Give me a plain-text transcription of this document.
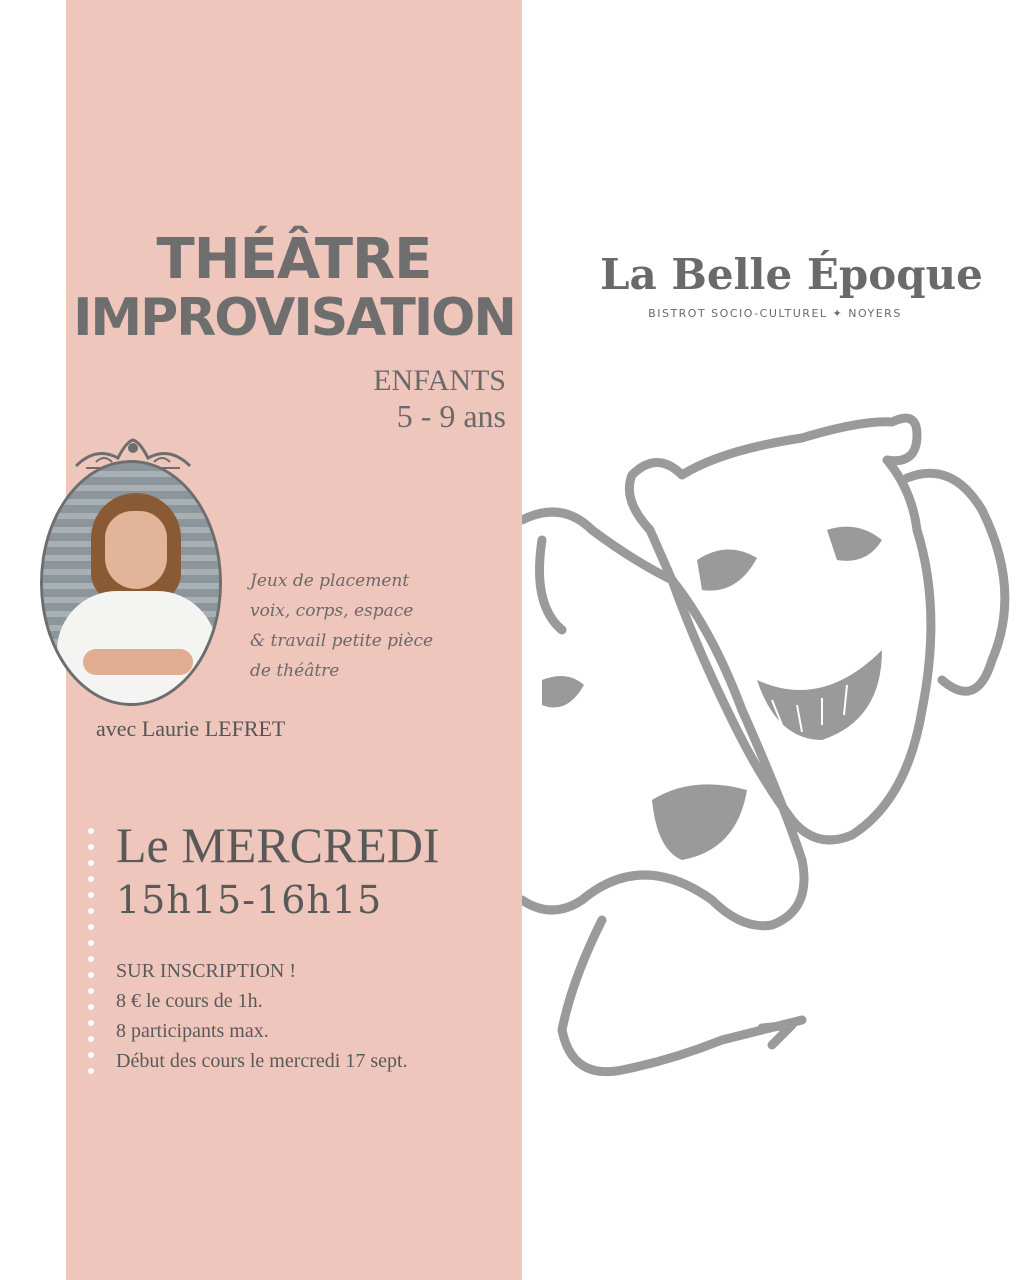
THÉÂTRE
IMPROVISATION
ENFANTS
5 - 9 ans
Jeux de placement
voix, corps, espace
& travail petite pièce
de théâtre
avec Laurie LEFRET
Le MERCREDI
15h15-16h15
SUR INSCRIPTION !
8 € le cours de 1h.
8 participants max.
Début des cours le mercredi 17 sept.
La Belle Époque
BISTROT SOCIO-CULTUREL ✦ NOYERS
